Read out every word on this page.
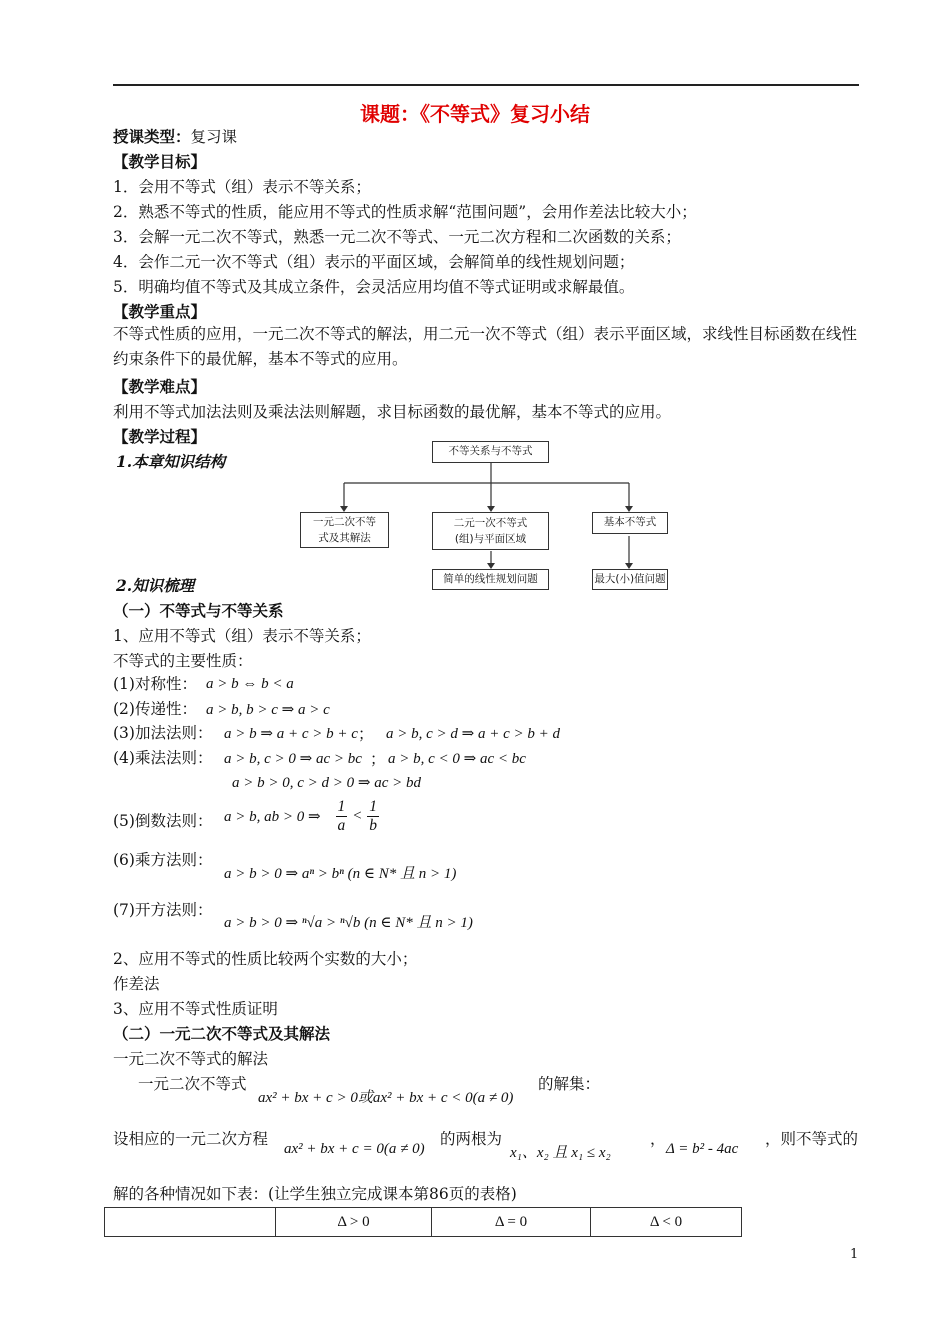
课题：《不等式》复习小结
授课类型：复习课
【教学目标】
1．会用不等式（组）表示不等关系；
2．熟悉不等式的性质，能应用不等式的性质求解“范围问题”，会用作差法比较大小；
3．会解一元二次不等式，熟悉一元二次不等式、一元二次方程和二次函数的关系；
4．会作二元一次不等式（组）表示的平面区域，会解简单的线性规划问题；
5．明确均值不等式及其成立条件，会灵活应用均值不等式证明或求解最值。
【教学重点】
不等式性质的应用，一元二次不等式的解法，用二元一次不等式（组）表示平面区域，求线性目标函数在线性约束条件下的最优解，基本不等式的应用。
【教学难点】
利用不等式加法法则及乘法法则解题，求目标函数的最优解，基本不等式的应用。
【教学过程】
1.本章知识结构
不等关系与不等式
一元二次不等
式及其解法
二元一次不等式
(组)与平面区域
基本不等式
简单的线性规划问题	最大(小)值问题
2.知识梳理
（一）不等式与不等关系
1、应用不等式（组）表示不等关系；
不等式的主要性质：
(1)对称性： a > b ⇔ b < a
(2)传递性： a > b, b > c ⇒ a > c
(3)加法法则： a > b ⇒ a + c > b + c ； a > b, c > d ⇒ a + c > b + d
(4)乘法法则： a > b, c > 0 ⇒ ac > bc ； a > b, c < 0 ⇒ ac < bc
a > b > 0, c > d > 0 ⇒ ac > bd
(5)倒数法则： a > b, ab > 0 ⇒ $\frac{1}{a} < \frac{1}{b}$
(6)乘方法则：
a > b > 0 ⇒ aⁿ > bⁿ (n ∈ N* 且 n > 1)
(7)开方法则：
a > b > 0 ⇒ ⁿ√a > ⁿ√b (n ∈ N* 且 n > 1)
2、应用不等式的性质比较两个实数的大小；
作差法
3、应用不等式性质证明
（二）一元二次不等式及其解法
一元二次不等式的解法
一元二次不等式
ax² + bx + c > 0或ax² + bx + c < 0(a ≠ 0)
的解集：
设相应的一元二次方程
ax² + bx + c = 0(a ≠ 0)
的两根为
x₁、x₂ 且 x₁ ≤ x₂
，
Δ = b² - 4ac
，则不等式的
解的各种情况如下表：(让学生独立完成课本第86页的表格)
	Δ > 0	Δ = 0	Δ < 0
1
